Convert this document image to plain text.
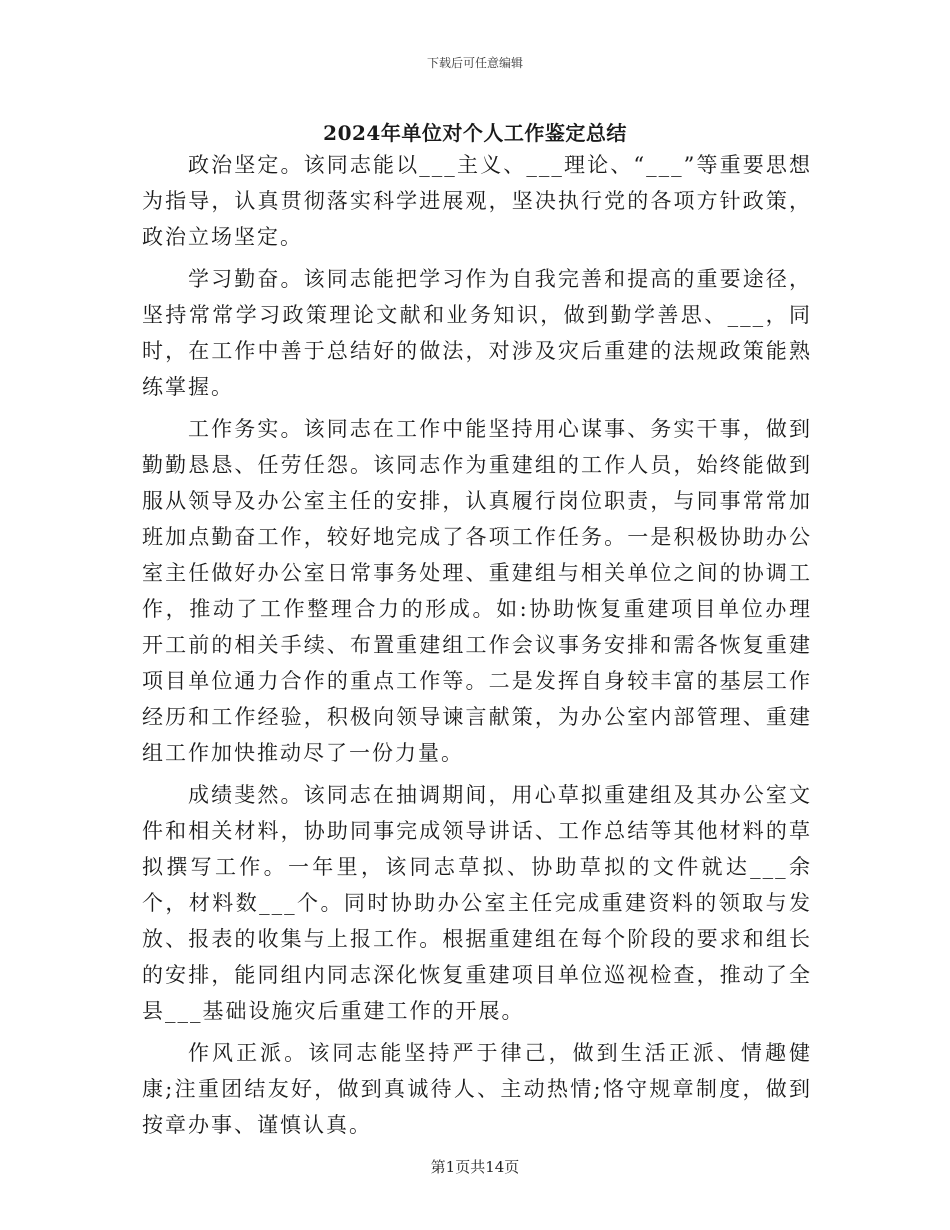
下载后可任意编辑
2024年单位对个人工作鉴定总结

政治坚定。该同志能以___主义、___理论、“___”等重要思想为指导，认真贯彻落实科学进展观，坚决执行党的各项方针政策，政治立场坚定。

学习勤奋。该同志能把学习作为自我完善和提高的重要途径，坚持常常学习政策理论文献和业务知识，做到勤学善思、___，同时，在工作中善于总结好的做法，对涉及灾后重建的法规政策能熟练掌握。

工作务实。该同志在工作中能坚持用心谋事、务实干事，做到勤勤恳恳、任劳任怨。该同志作为重建组的工作人员，始终能做到服从领导及办公室主任的安排，认真履行岗位职责，与同事常常加班加点勤奋工作，较好地完成了各项工作任务。一是积极协助办公室主任做好办公室日常事务处理、重建组与相关单位之间的协调工作，推动了工作整理合力的形成。如:协助恢复重建项目单位办理开工前的相关手续、布置重建组工作会议事务安排和需各恢复重建项目单位通力合作的重点工作等。二是发挥自身较丰富的基层工作经历和工作经验，积极向领导谏言献策，为办公室内部管理、重建组工作加快推动尽了一份力量。

成绩斐然。该同志在抽调期间，用心草拟重建组及其办公室文件和相关材料，协助同事完成领导讲话、工作总结等其他材料的草拟撰写工作。一年里，该同志草拟、协助草拟的文件就达___余个，材料数___个。同时协助办公室主任完成重建资料的领取与发放、报表的收集与上报工作。根据重建组在每个阶段的要求和组长的安排，能同组内同志深化恢复重建项目单位巡视检查，推动了全县___基础设施灾后重建工作的开展。

作风正派。该同志能坚持严于律己，做到生活正派、情趣健康;注重团结友好，做到真诚待人、主动热情;恪守规章制度，做到按章办事、谨慎认真。

第1页共14页
